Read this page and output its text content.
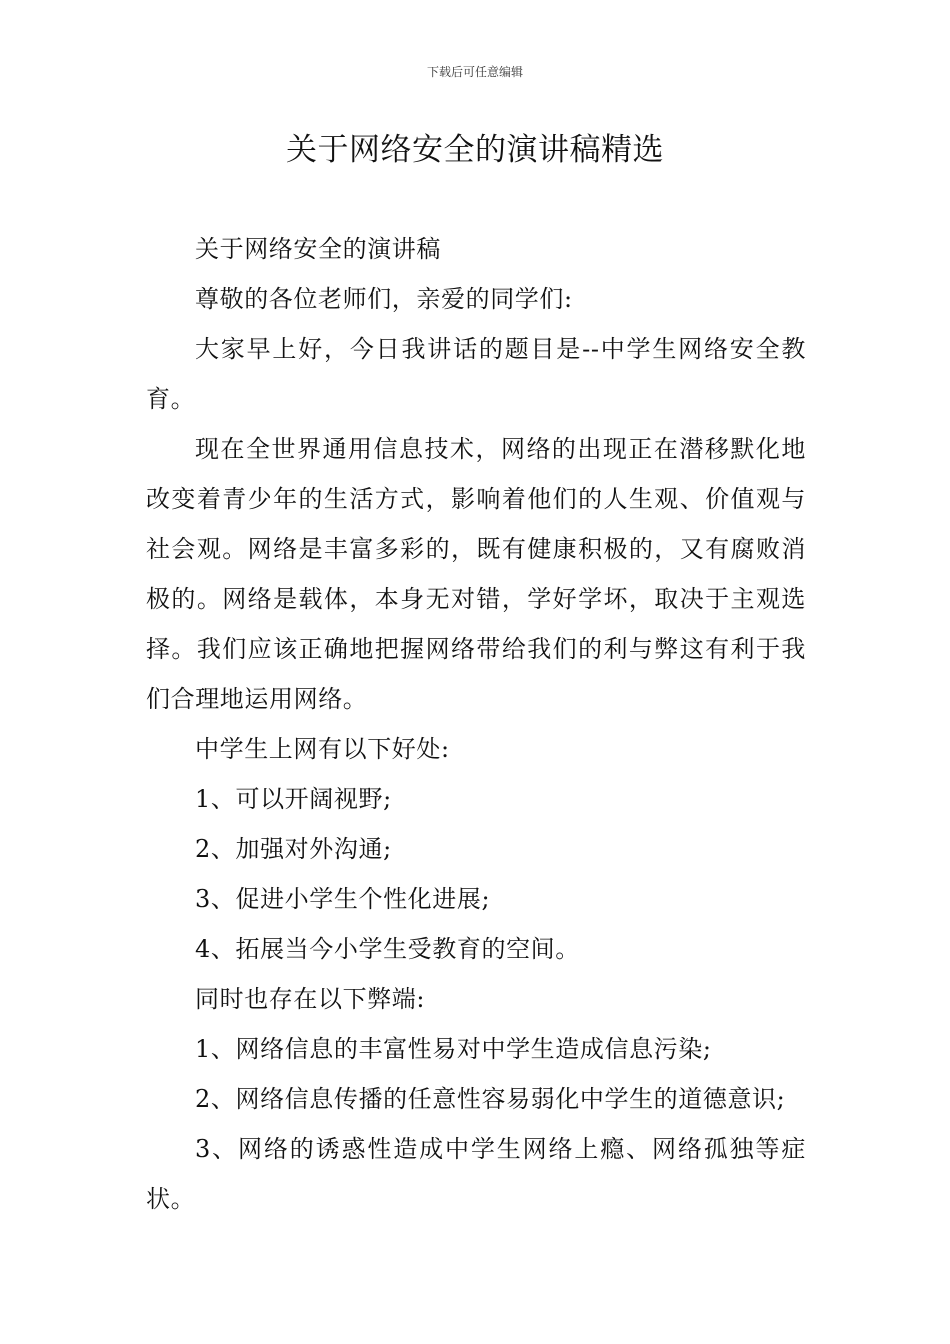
下载后可任意编辑
关于网络安全的演讲稿精选

关于网络安全的演讲稿

尊敬的各位老师们，亲爱的同学们:

大家早上好，今日我讲话的题目是--中学生网络安全教育。

现在全世界通用信息技术，网络的出现正在潜移默化地改变着青少年的生活方式，影响着他们的人生观、价值观与社会观。网络是丰富多彩的，既有健康积极的，又有腐败消极的。网络是载体，本身无对错，学好学坏，取决于主观选择。我们应该正确地把握网络带给我们的利与弊这有利于我们合理地运用网络。

中学生上网有以下好处:

1、可以开阔视野;

2、加强对外沟通;

3、促进小学生个性化进展;

4、拓展当今小学生受教育的空间。

同时也存在以下弊端:

1、网络信息的丰富性易对中学生造成信息污染;

2、网络信息传播的任意性容易弱化中学生的道德意识;

3、网络的诱惑性造成中学生网络上瘾、网络孤独等症状。
